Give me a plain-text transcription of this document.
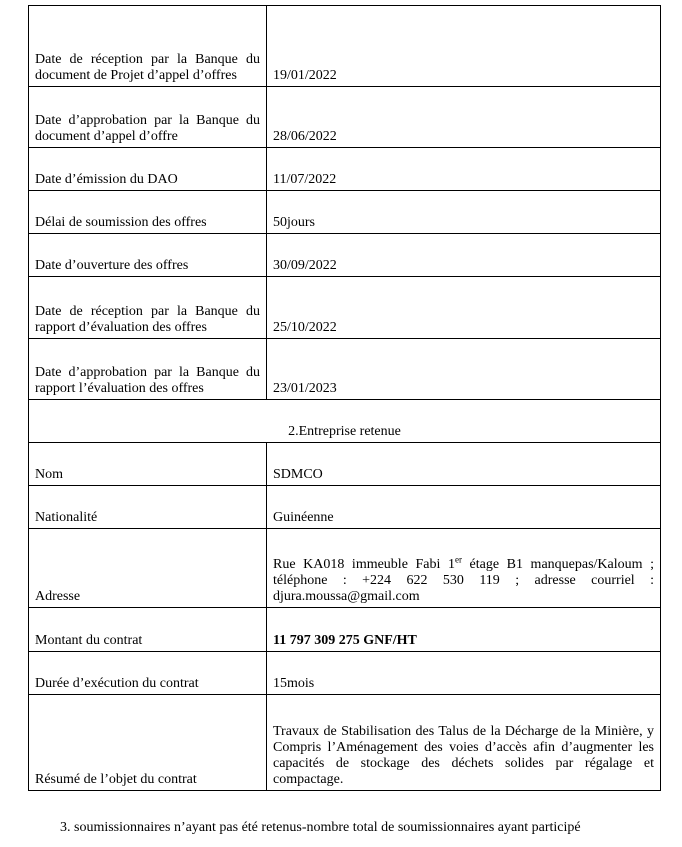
Date de réception par la Banque du document de Projet d’appel d’offres	19/01/2022
Date d’approbation par la Banque du document d’appel d’offre	28/06/2022
Date d’émission du DAO	11/07/2022
Délai de soumission des offres	50jours
Date d’ouverture des offres	30/09/2022
Date de réception par la Banque du rapport d’évaluation des offres	25/10/2022
Date d’approbation par la Banque du rapport l’évaluation des offres	23/01/2023
2.Entreprise retenue	
Nom	SDMCO
Nationalité	Guinéenne
Adresse	Rue KA018 immeuble Fabi 1er étage B1 manquepas/Kaloum ; téléphone : +224 622 530 119 ; adresse courriel : djura.moussa@gmail.com
Montant du contrat	11 797 309 275 GNF/HT
Durée d’exécution du contrat	15mois
Résumé de l’objet du contrat	Travaux de Stabilisation des Talus de la Décharge de la Minière, y Compris l’Aménagement des voies d’accès afin d’augmenter les capacités de stockage des déchets solides par régalage et compactage.
3. soumissionnaires n’ayant pas été retenus-nombre total de soumissionnaires ayant participé
